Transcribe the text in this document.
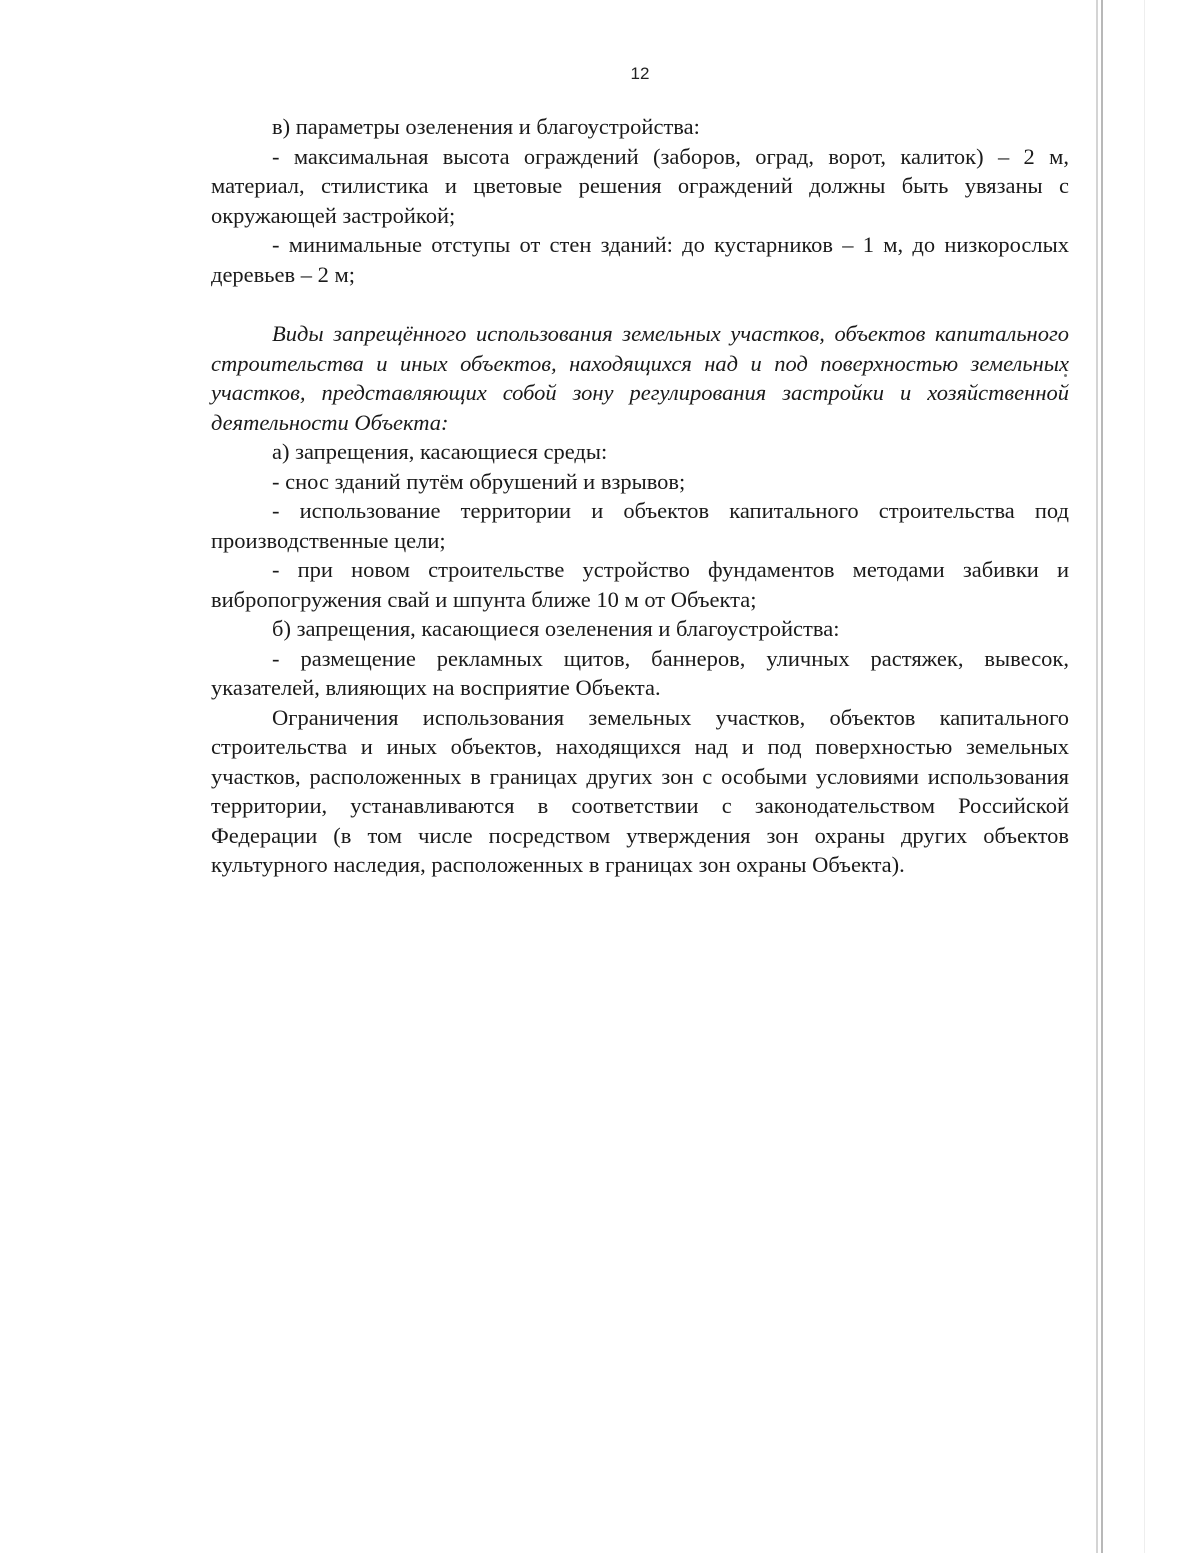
12

в) параметры озеленения и благоустройства:

- максимальная высота ограждений (заборов, оград, ворот, калиток) – 2 м, материал, стилистика и цветовые решения ограждений должны быть увязаны с окружающей застройкой;

- минимальные отступы от стен зданий: до кустарников – 1 м, до низкорослых деревьев – 2 м;

Виды запрещённого использования земельных участков, объектов капитального строительства и иных объектов, находящихся над и под поверхностью земельных участков, представляющих собой зону регулирования застройки и хозяйственной деятельности Объекта:

а) запрещения, касающиеся среды:

- снос зданий путём обрушений и взрывов;

- использование территории и объектов капитального строительства под производственные цели;

- при новом строительстве устройство фундаментов методами забивки и вибропогружения свай и шпунта ближе 10 м от Объекта;

б) запрещения, касающиеся озеленения и благоустройства:

- размещение рекламных щитов, баннеров, уличных растяжек, вывесок, указателей, влияющих на восприятие Объекта.

Ограничения использования земельных участков, объектов капитального строительства и иных объектов, находящихся над и под поверхностью земельных участков, расположенных в границах других зон с особыми условиями использования территории, устанавливаются в соответствии с законодательством Российской Федерации (в том числе посредством утверждения зон охраны других объектов культурного наследия, расположенных в границах зон охраны Объекта).
